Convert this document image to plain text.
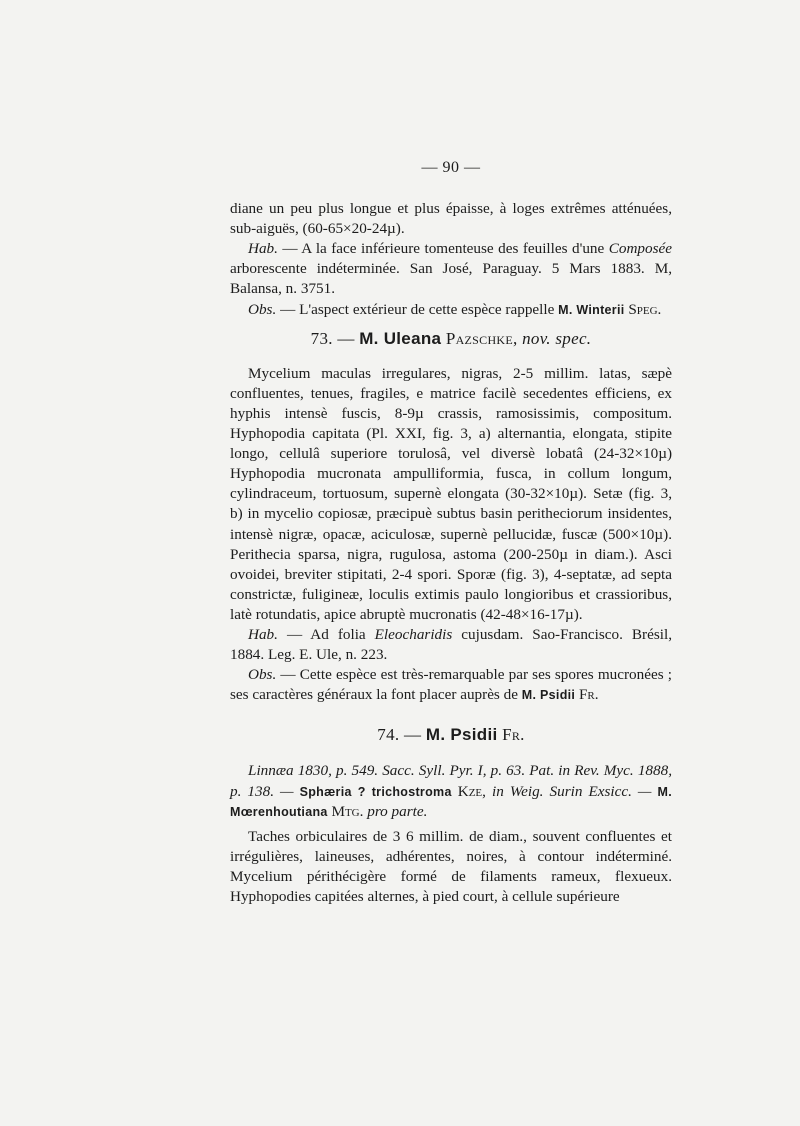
— 90 —

diane un peu plus longue et plus épaisse, à loges extrêmes atténuées, sub-aiguës, (60-65×20-24µ).

Hab. — A la face inférieure tomenteuse des feuilles d'une Composée arborescente indéterminée. San José, Paraguay. 5 Mars 1883. M, Balansa, n. 3751.

Obs. — L'aspect extérieur de cette espèce rappelle M. Winterii Speg.

73. — M. Uleana Pazschke, nov. spec.

Mycelium maculas irregulares, nigras, 2-5 millim. latas, sæpè confluentes, tenues, fragiles, e matrice facilè secedentes efficiens, ex hyphis intensè fuscis, 8-9µ crassis, ramosissimis, compositum. Hyphopodia capitata (Pl. XXI, fig. 3, a) alternantia, elongata, stipite longo, cellulâ superiore torulosâ, vel diversè lobatâ (24-32×10µ) Hyphopodia mucronata ampulliformia, fusca, in collum longum, cylindraceum, tortuosum, supernè elongata (30-32×10µ). Setæ (fig. 3, b) in mycelio copiosæ, præcipuè subtus basin peritheciorum insidentes, intensè nigræ, opacæ, aciculosæ, supernè pellucidæ, fuscæ (500×10µ). Perithecia sparsa, nigra, rugulosa, astoma (200-250µ in diam.). Asci ovoidei, breviter stipitati, 2-4 spori. Sporæ (fig. 3), 4-septatæ, ad septa constrictæ, fuligineæ, loculis extimis paulo longioribus et crassioribus, latè rotundatis, apice abruptè mucronatis (42-48×16-17µ).

Hab. — Ad folia Eleocharidis cujusdam. Sao-Francisco. Brésil, 1884. Leg. E. Ule, n. 223.

Obs. — Cette espèce est très-remarquable par ses spores mucronées ; ses caractères généraux la font placer auprès de M. Psidii Fr.

74. — M. Psidii Fr.

Linnæa 1830, p. 549. Sacc. Syll. Pyr. I, p. 63. Pat. in Rev. Myc. 1888, p. 138. — Sphæria ? trichostroma Kze, in Weig. Surin Exsicc. — M. Mœrenhoutiana Mtg. pro parte.

Taches orbiculaires de 3 6 millim. de diam., souvent confluentes et irrégulières, laineuses, adhérentes, noires, à contour indéterminé. Mycelium périthécigère formé de filaments rameux, flexueux. Hyphopodies capitées alternes, à pied court, à cellule supérieure
